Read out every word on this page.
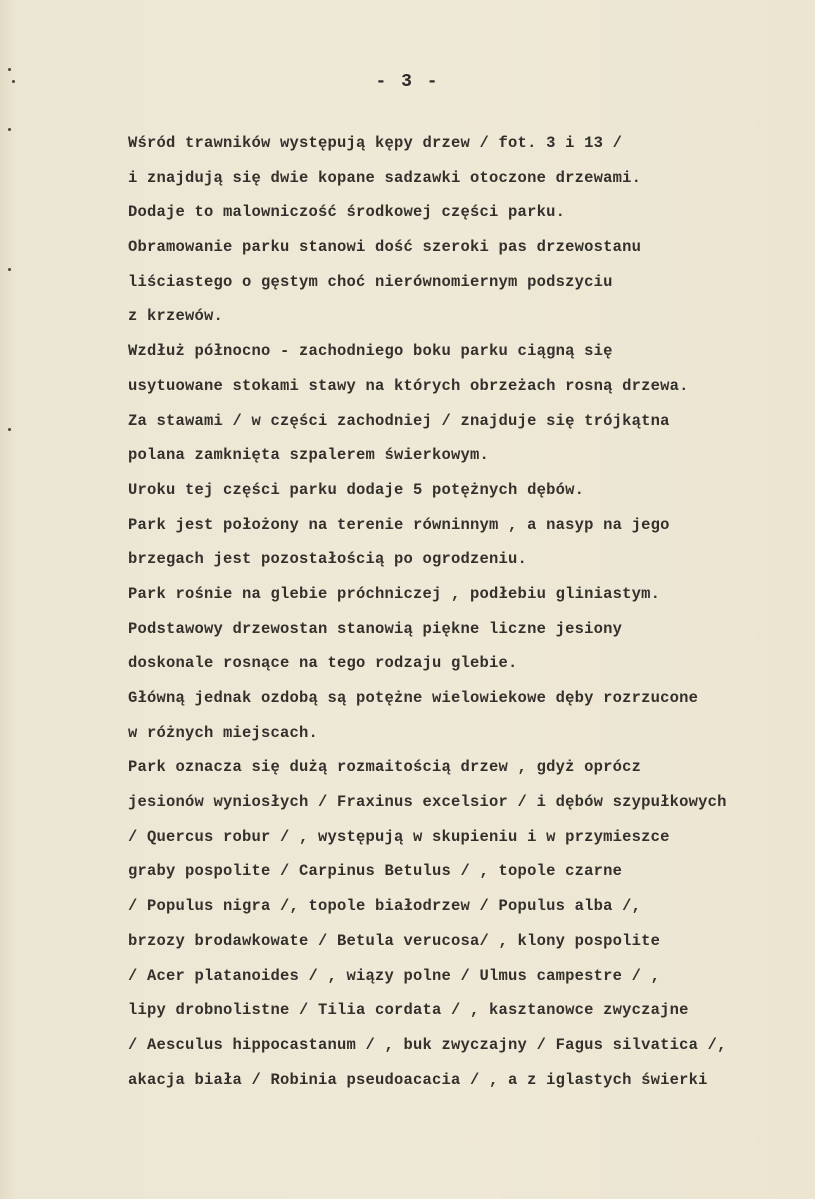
- 3 -
Wśród trawników występują kępy drzew / fot. 3 i 13 /
i znajdują się dwie kopane sadzawki otoczone drzewami.
Dodaje to malowniczość środkowej części parku.
Obramowanie parku stanowi dość szeroki pas drzewostanu
liściastego o gęstym choć nierównomiernym podszyciu
z krzewów.
Wzdłuż północno - zachodniego boku parku ciągną się
usytuowane stokami stawy na których obrzeżach rosną drzewa.
Za stawami / w części zachodniej / znajduje się trójkątna
polana zamknięta szpalerem świerkowym.
Uroku tej części parku dodaje 5 potężnych dębów.
Park jest położony na terenie równinnym , a nasyp na jego
brzegach jest pozostałością po ogrodzeniu.
Park rośnie na glebie próchniczej , podłebiu gliniastym.
Podstawowy drzewostan stanowią piękne liczne jesiony
doskonale rosnące na tego rodzaju glebie.
Główną jednak ozdobą są potężne wielowiekowe dęby rozrzucone
w różnych miejscach.
Park oznacza się dużą rozmaitością drzew , gdyż oprócz
jesionów wyniosłych / Fraxinus excelsior / i dębów szypułkowych
/ Quercus robur / , występują w skupieniu i w przymieszce
graby pospolite / Carpinus Betulus / , topole czarne
/ Populus nigra /, topole białodrzew / Populus alba /,
brzozy brodawkowate / Betula verucosa/ , klony pospolite
/ Acer platanoides / , wiązy polne / Ulmus campestre / ,
lipy drobnolistne / Tilia cordata / , kasztanowce zwyczajne
/ Aesculus hippocastanum / , buk zwyczajny / Fagus silvatica /,
akacja biała / Robinia pseudoacacia / , a z iglastych świerki
